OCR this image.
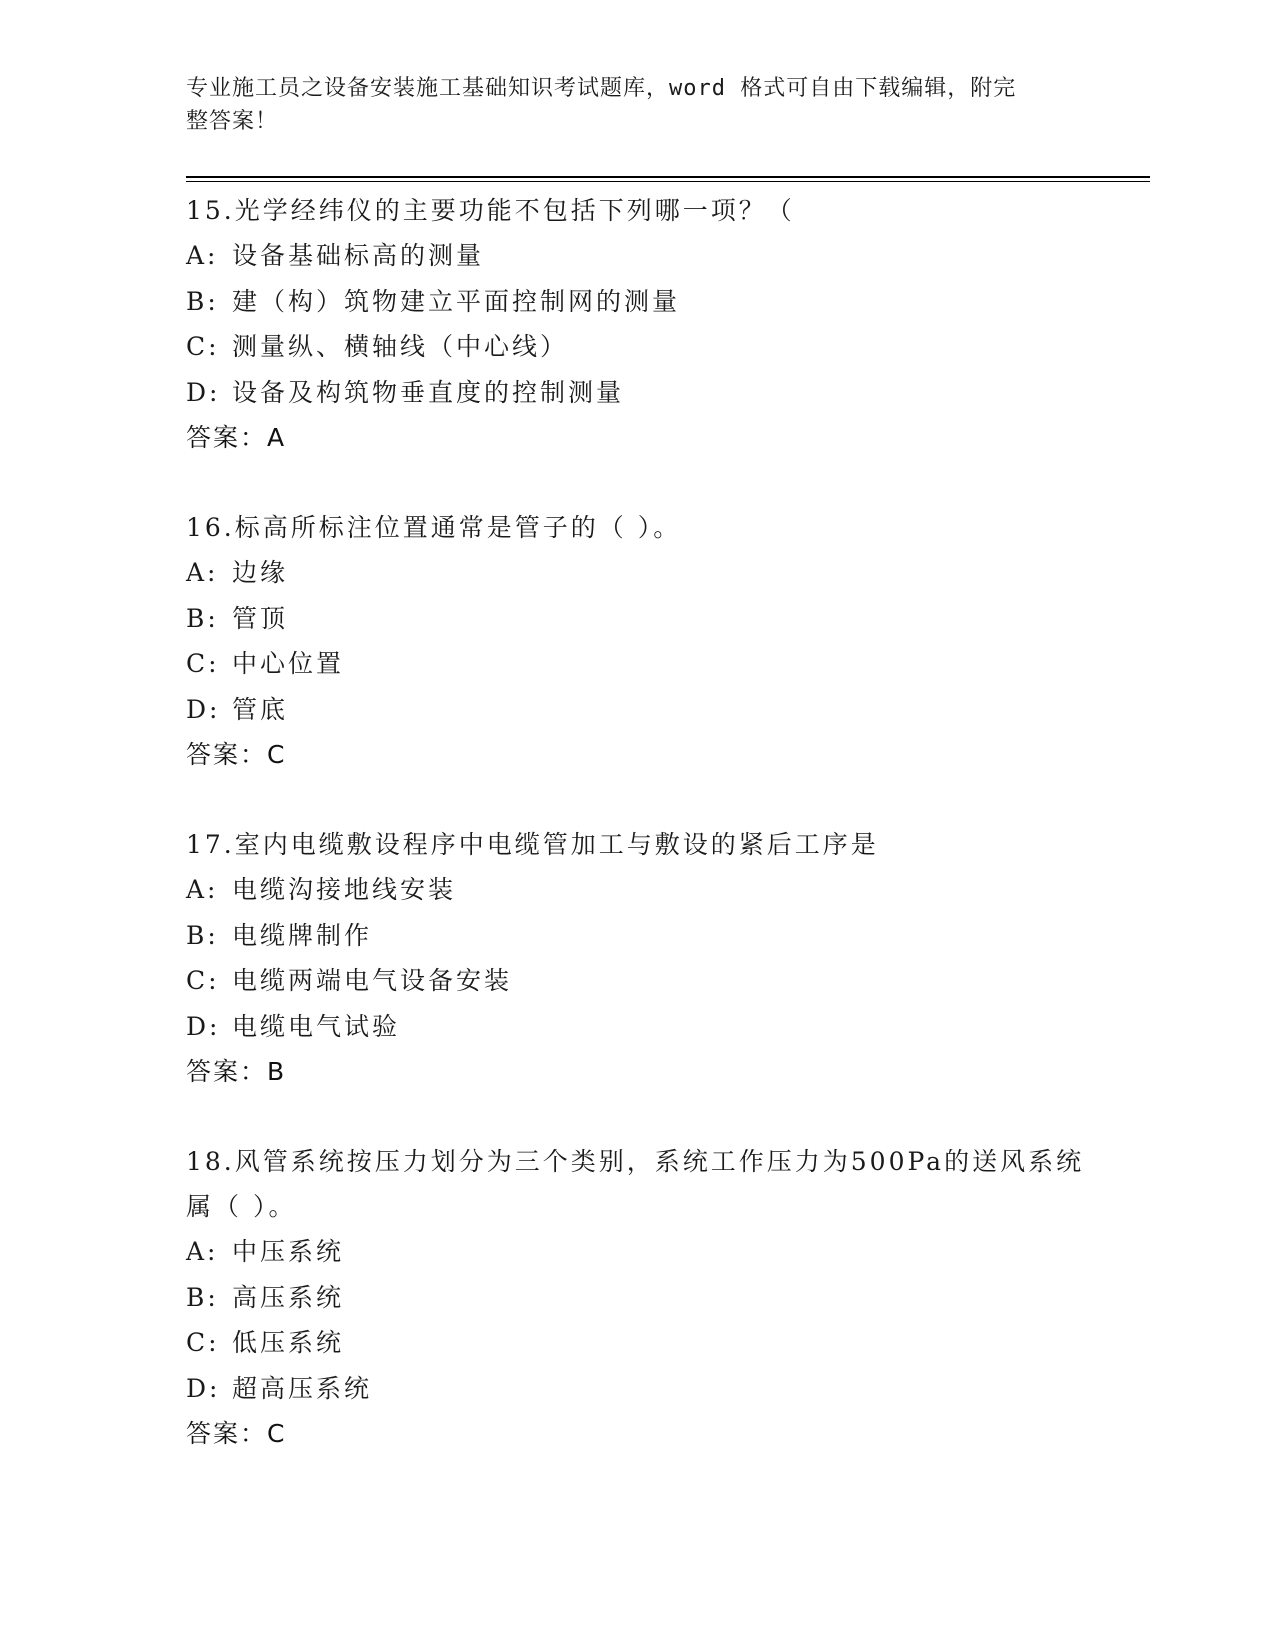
专业施工员之设备安装施工基础知识考试题库，word 格式可自由下载编辑，附完
整答案！

15.光学经纬仪的主要功能不包括下列哪一项？（

A: 设备基础标高的测量

B: 建（构）筑物建立平面控制网的测量

C: 测量纵、横轴线（中心线）

D: 设备及构筑物垂直度的控制测量

答案：A

16.标高所标注位置通常是管子的（ ）。

A: 边缘

B: 管顶

C: 中心位置

D: 管底

答案：C

17.室内电缆敷设程序中电缆管加工与敷设的紧后工序是

A: 电缆沟接地线安装

B: 电缆牌制作

C: 电缆两端电气设备安装

D: 电缆电气试验

答案：B

18.风管系统按压力划分为三个类别，系统工作压力为500Pa的送风系统属（ ）。

A: 中压系统

B: 高压系统

C: 低压系统

D: 超高压系统

答案：C
